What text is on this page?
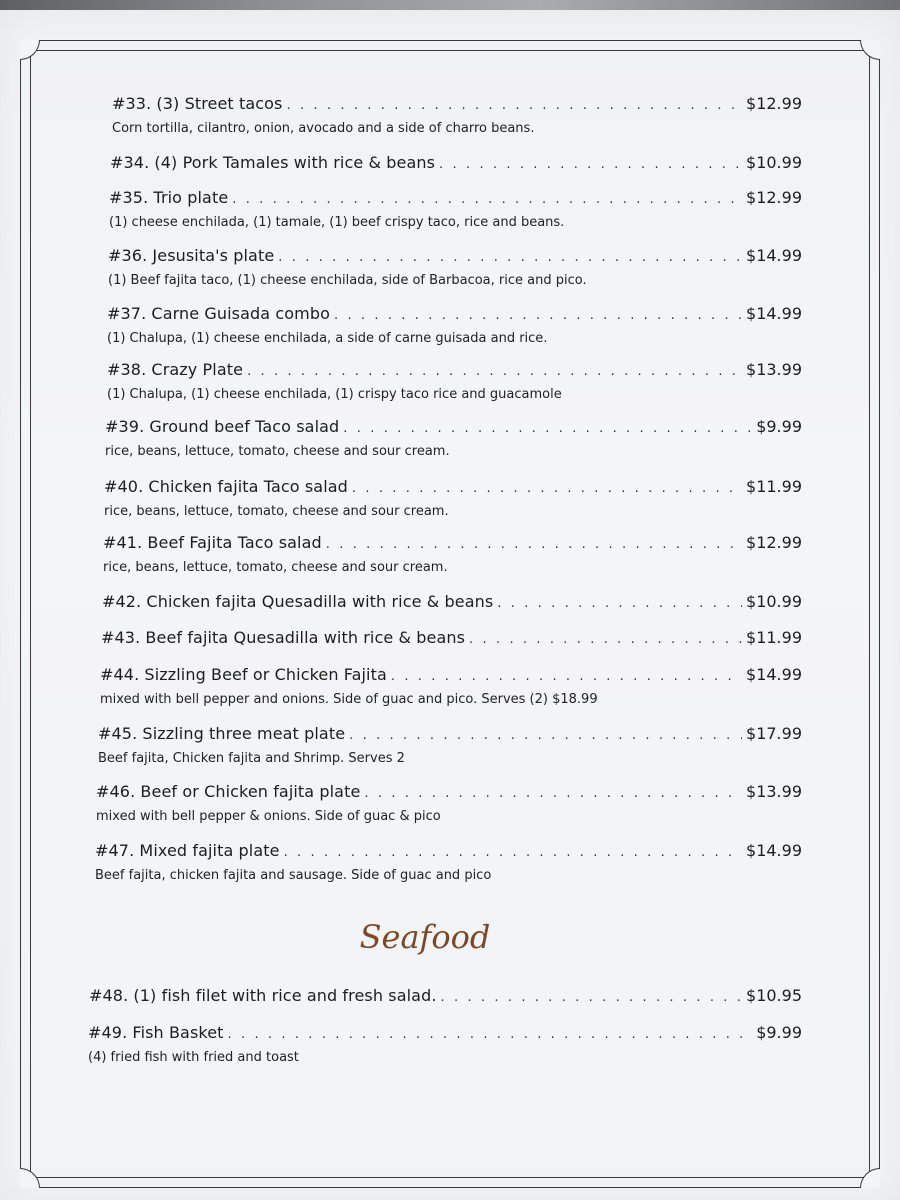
#33. (3) Street tacos . . .	$12.99
Corn tortilla, cilantro, onion, avocado and a side of charro beans.
#34. (4) Pork Tamales with rice & beans . . .	$10.99
#35. Trio plate . . .	$12.99
(1) cheese enchilada, (1) tamale, (1) beef crispy taco, rice and beans.
#36. Jesusita's plate . . .	$14.99
(1) Beef fajita taco, (1) cheese enchilada, side of Barbacoa, rice and pico.
#37. Carne Guisada combo . . .	$14.99
(1) Chalupa, (1) cheese enchilada, a side of carne guisada and rice.
#38. Crazy Plate . . .	$13.99
(1) Chalupa, (1) cheese enchilada, (1) crispy taco rice and guacamole
#39. Ground beef Taco salad . . .	$9.99
rice, beans, lettuce, tomato, cheese and sour cream.
#40. Chicken fajita Taco salad . . .	$11.99
rice, beans, lettuce, tomato, cheese and sour cream.
#41. Beef Fajita Taco salad . . .	$12.99
rice, beans, lettuce, tomato, cheese and sour cream.
#42. Chicken fajita Quesadilla with rice & beans . . .	$10.99
#43. Beef fajita Quesadilla with rice & beans . . .	$11.99
#44. Sizzling Beef or Chicken Fajita . . .	$14.99
mixed with bell pepper and onions. Side of guac and pico. Serves (2) $18.99
#45. Sizzling three meat plate . . .	$17.99
Beef fajita, Chicken fajita and Shrimp. Serves 2
#46. Beef or Chicken fajita plate . . .	$13.99
mixed with bell pepper & onions. Side of guac & pico
#47. Mixed fajita plate . . .	$14.99
Beef fajita, chicken fajita and sausage. Side of guac and pico
Seafood
#48. (1) fish filet with rice and fresh salad. . . .	$10.95
#49. Fish Basket . . .	$9.99
(4) fried fish with fried and toast
